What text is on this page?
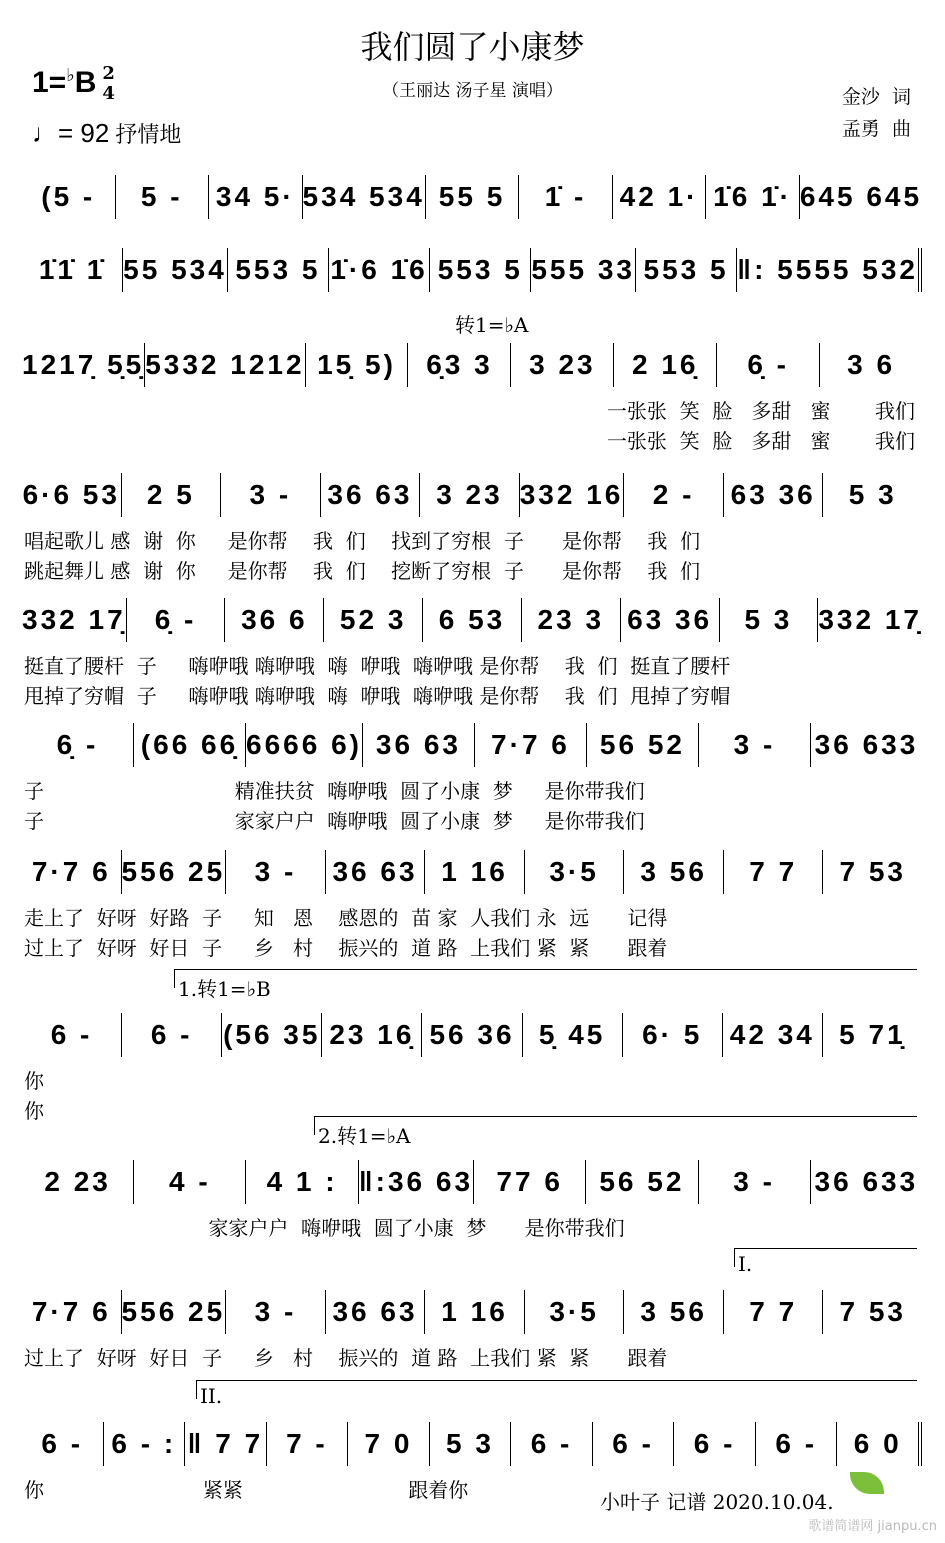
我们圆了小康梦
（王丽达 汤子星 演唱）
1=♭B 2
4
♩= 92 抒情地
金沙  词
孟勇  曲
(5 -	5 -	34 5· 534 534 55 5	1̇ -	42 1· 1̇6 1̇· 645 645
1̇1̇ 1̇ 55 534 553 5 1̇·6 1̇6 553 5 555 33 553 5 ‖: 5555 532
1217̣ 5̣5̣ 5332 1212 15̣ 5)	6̣3 3	3 23	2 16̣	6̣ -	3 6
转1=♭A
一张张  笑  脸   多甜   蜜       我们
一张张  笑  脸   多甜   蜜       我们
6·6 53 2 5	3 -	36 63 3 23 332 16	2 -	63 36	5 3
唱起歌儿 感  谢  你     是你帮    我  们    找到了穷根  子      是你帮    我  们
跳起舞儿 感  谢  你     是你帮    我  们    挖断了穷根  子      是你帮    我  们
332 17̣	6̣ -	36 6	52 3	6 53	23 3 63 36	5 3 332 17̣
挺直了腰杆  子     嗨咿哦 嗨咿哦  嗨  咿哦  嗨咿哦 是你帮    我  们  挺直了腰杆
甩掉了穷帽  子     嗨咿哦 嗨咿哦  嗨  咿哦  嗨咿哦 是你帮    我  们  甩掉了穷帽
6̣ -	(66 66̣ 6666 6) 36 63	7·7 6	56 52	3 -	36 633
子                              精准扶贫  嗨咿哦  圆了小康  梦     是你带我们
子                              家家户户  嗨咿哦  圆了小康  梦     是你带我们
7·7 6 556 25	3 -	36 63 1 16	3·5	3 56	7 7	7 53
走上了  好呀  好路  子     知   恩    感恩的  苗 家  人我们 永  远      记得
过上了  好呀  好日  子     乡   村    振兴的  道 路  上我们 紧  紧      跟着
6 -	6 -	(56 35 23 16̣ 56 36 5̣ 45	6· 5 42 34 5 71̣
1.转1=♭B
你
你
2 23	4 -	4 1 : ‖:36 63 77 6	56 52	3 -	36 633
2.转1=♭A
家家户户  嗨咿哦  圆了小康  梦      是你带我们
7·7 6 556 25	3 -	36 63 1 16	3·5	3 56	7 7	7 53
I.
过上了  好呀  好日  子     乡   村    振兴的  道 路  上我们 紧  紧      跟着
6 -	6 - : ‖ 7 7 7 -	7 0	5 3	6 -	6 -	6 -	6 -	6 0
II.
你                         紧紧                          跟着你	小叶子 记谱 2020.10.04.
歌谱简谱网 jianpu.cn
